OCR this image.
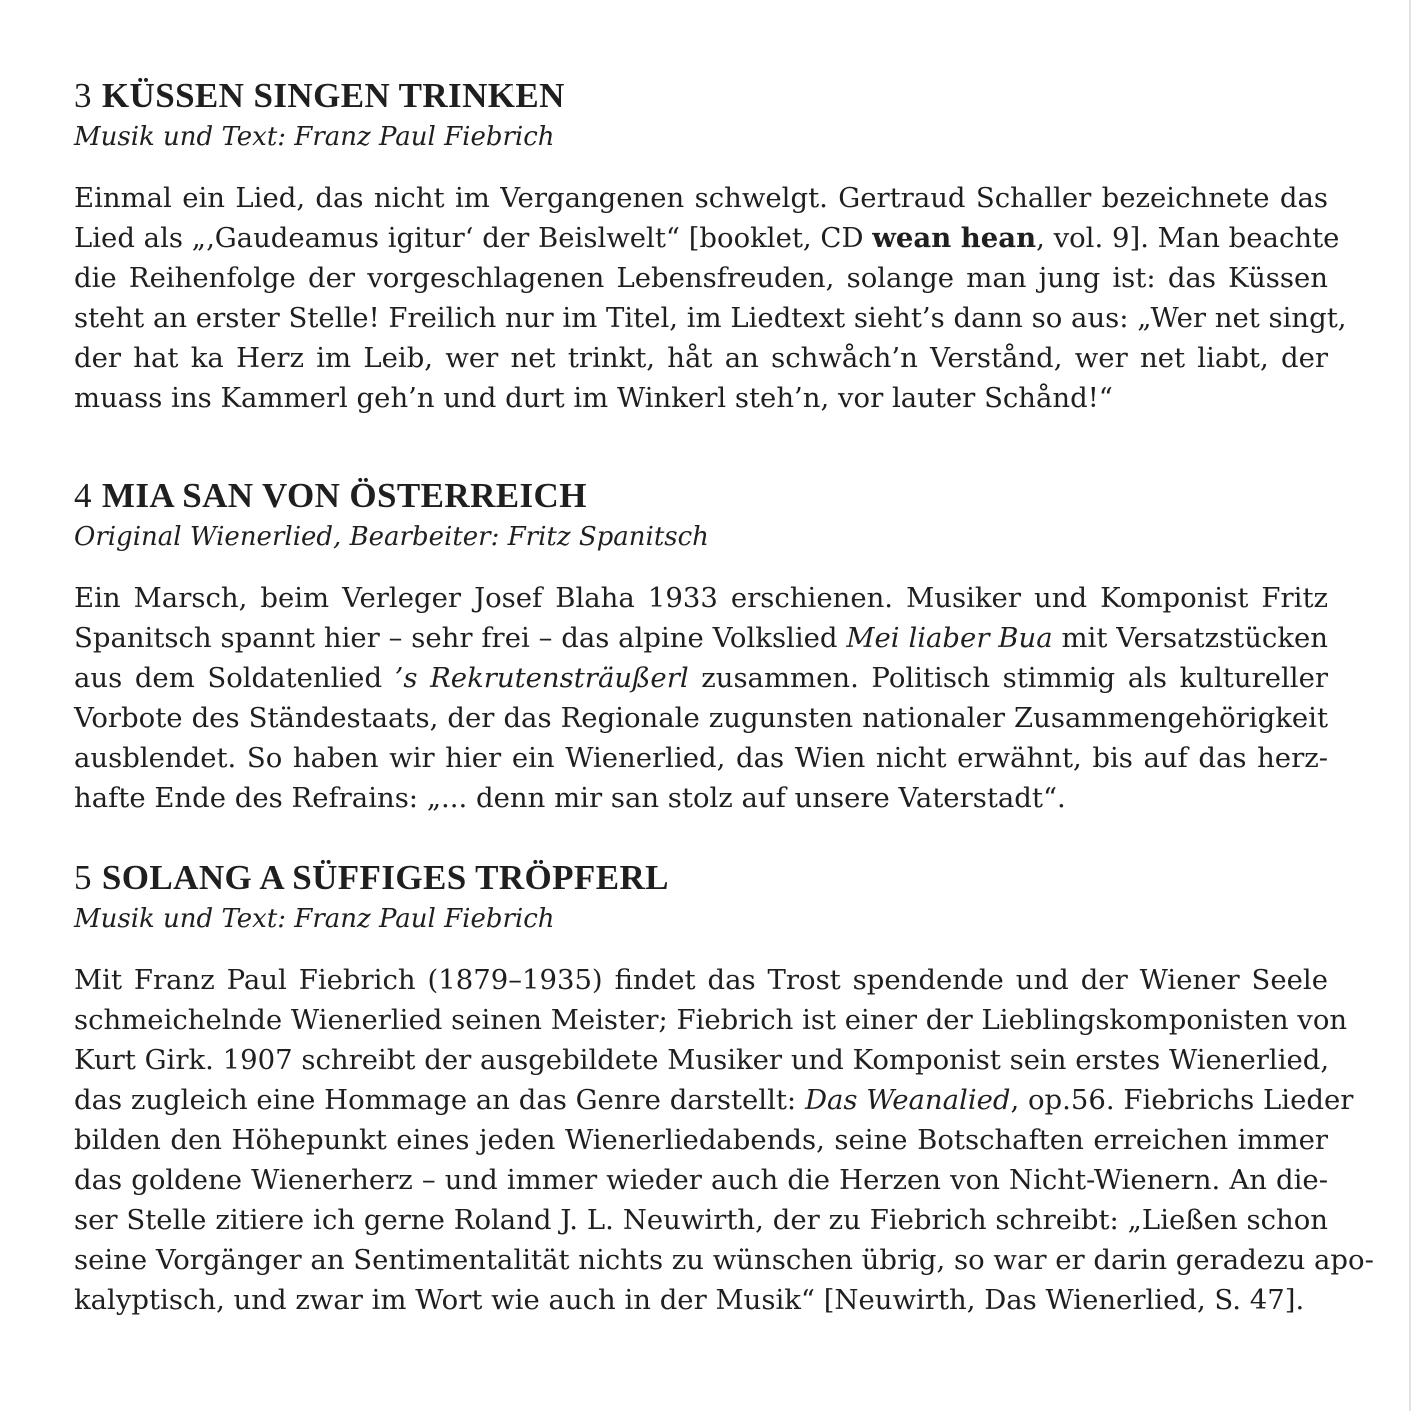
3 KÜSSEN SINGEN TRINKEN
Musik und Text: Franz Paul Fiebrich
Einmal ein Lied, das nicht im Vergangenen schwelgt. Gertraud Schaller bezeichnete das
Lied als „‚Gaudeamus igitur‘ der Beislwelt“ [booklet, CD wean hean, vol. 9]. Man beachte
die Reihenfolge der vorgeschlagenen Lebensfreuden, solange man jung ist: das Küssen
steht an erster Stelle! Freilich nur im Titel, im Liedtext sieht’s dann so aus: „Wer net singt,
der hat ka Herz im Leib, wer net trinkt, håt an schwåch’n Verstånd, wer net liabt, der
muass ins Kammerl geh’n und durt im Winkerl steh’n, vor lauter Schånd!“
4 MIA SAN VON ÖSTERREICH
Original Wienerlied, Bearbeiter: Fritz Spanitsch
Ein Marsch, beim Verleger Josef Blaha 1933 erschienen. Musiker und Komponist Fritz
Spanitsch spannt hier – sehr frei – das alpine Volkslied Mei liaber Bua mit Versatzstücken
aus dem Soldatenlied ’s Rekrutensträußerl zusammen. Politisch stimmig als kultureller
Vorbote des Ständestaats, der das Regionale zugunsten nationaler Zusammengehörigkeit
ausblendet. So haben wir hier ein Wienerlied, das Wien nicht erwähnt, bis auf das herz-
hafte Ende des Refrains: „... denn mir san stolz auf unsere Vaterstadt“.
5 SOLANG A SÜFFIGES TRÖPFERL
Musik und Text: Franz Paul Fiebrich
Mit Franz Paul Fiebrich (1879–1935) findet das Trost spendende und der Wiener Seele
schmeichelnde Wienerlied seinen Meister; Fiebrich ist einer der Lieblingskomponisten von
Kurt Girk. 1907 schreibt der ausgebildete Musiker und Komponist sein erstes Wienerlied,
das zugleich eine Hommage an das Genre darstellt: Das Weanalied, op.56. Fiebrichs Lieder
bilden den Höhepunkt eines jeden Wienerliedabends, seine Botschaften erreichen immer
das goldene Wienerherz – und immer wieder auch die Herzen von Nicht-Wienern. An die-
ser Stelle zitiere ich gerne Roland J. L. Neuwirth, der zu Fiebrich schreibt: „Ließen schon
seine Vorgänger an Sentimentalität nichts zu wünschen übrig, so war er darin geradezu apo-
kalyptisch, und zwar im Wort wie auch in der Musik“ [Neuwirth, Das Wienerlied, S. 47].
